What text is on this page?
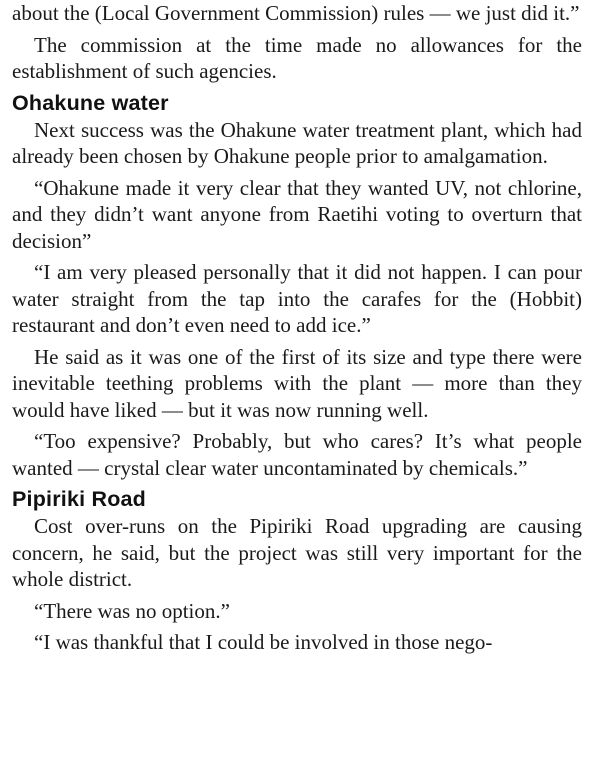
about the (Local Government Commission) rules — we just did it.”

The commission at the time made no allowances for the establishment of such agencies.

Ohakune water

Next success was the Ohakune water treatment plant, which had already been chosen by Ohakune people prior to amalgamation.

“Ohakune made it very clear that they wanted UV, not chlorine, and they didn’t want anyone from Raetihi voting to overturn that decision”

“I am very pleased personally that it did not happen. I can pour water straight from the tap into the carafes for the (Hobbit) restaurant and don’t even need to add ice.”

He said as it was one of the first of its size and type there were inevitable teething problems with the plant — more than they would have liked — but it was now running well.

“Too expensive? Probably, but who cares? It’s what people wanted — crystal clear water uncontaminated by chemicals.”

Pipiriki Road

Cost over-runs on the Pipiriki Road upgrading are causing concern, he said, but the project was still very important for the whole district.

“There was no option.”

“I was thankful that I could be involved in those nego-
